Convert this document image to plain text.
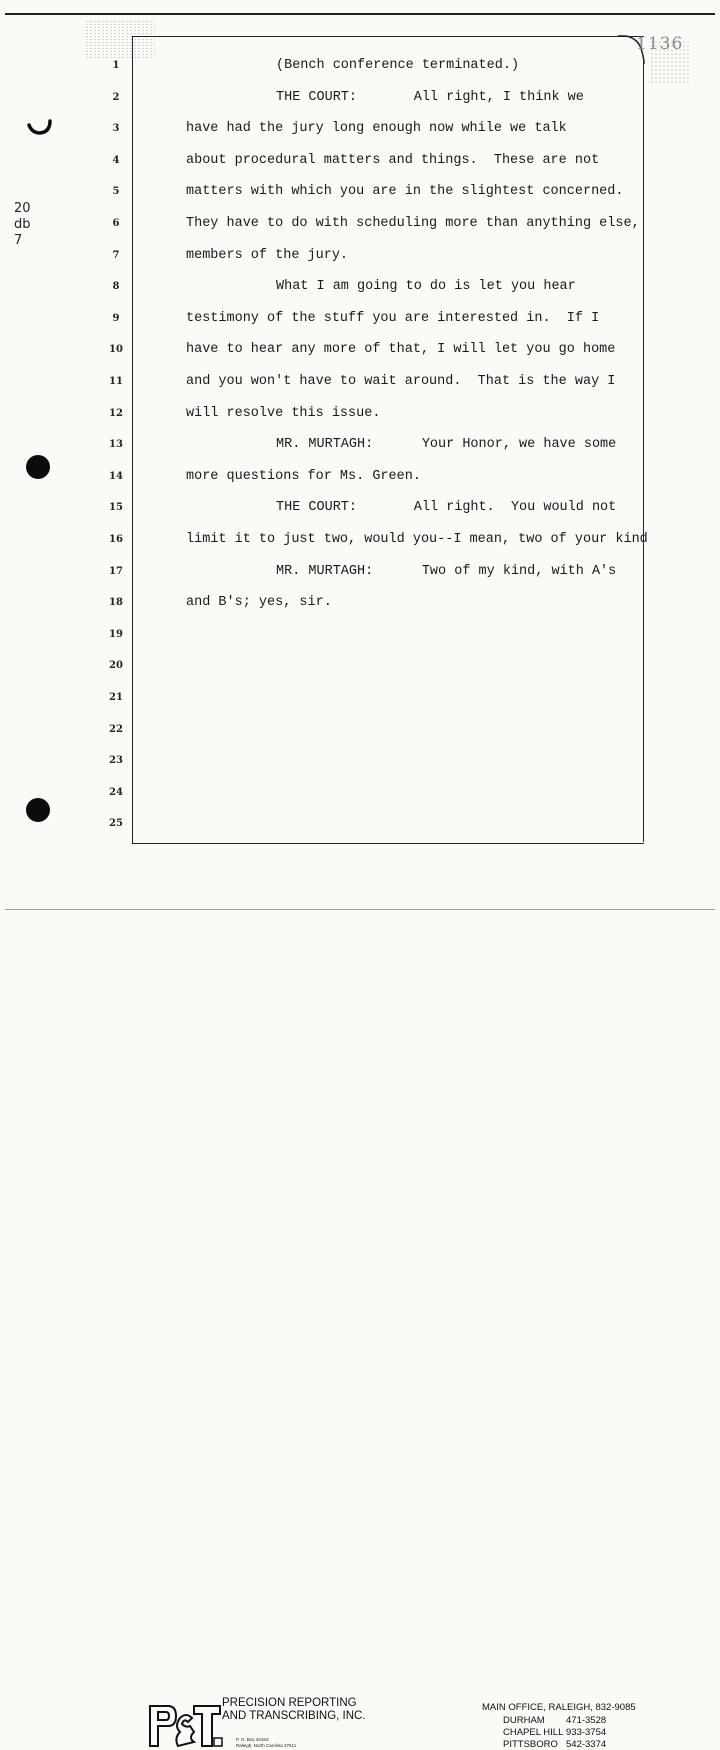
1136
20
db
7
1	(Bench conference terminated.)
2	THE COURT:       All right, I think we
3	have had the jury long enough now while we talk
4	about procedural matters and things.  These are not
5	matters with which you are in the slightest concerned.
6	They have to do with scheduling more than anything else,
7	members of the jury.
8	What I am going to do is let you hear
9	testimony of the stuff you are interested in.  If I
10	have to hear any more of that, I will let you go home
11	and you won't have to wait around.  That is the way I
12	will resolve this issue.
13	MR. MURTAGH:      Your Honor, we have some
14	more questions for Ms. Green.
15	THE COURT:       All right.  You would not
16	limit it to just two, would you--I mean, two of your kind
17	MR. MURTAGH:      Two of my kind, with A's
18	and B's; yes, sir.
19
20
21
22
23
24
25
PRECISION REPORTING
AND TRANSCRIBING, INC.
P. O. Box 20163
Raleigh, North Carolina 27611
MAIN OFFICE, RALEIGH, 832-9085
DURHAM 471-3528
CHAPEL HILL 933-3754
PITTSBORO 542-3374
